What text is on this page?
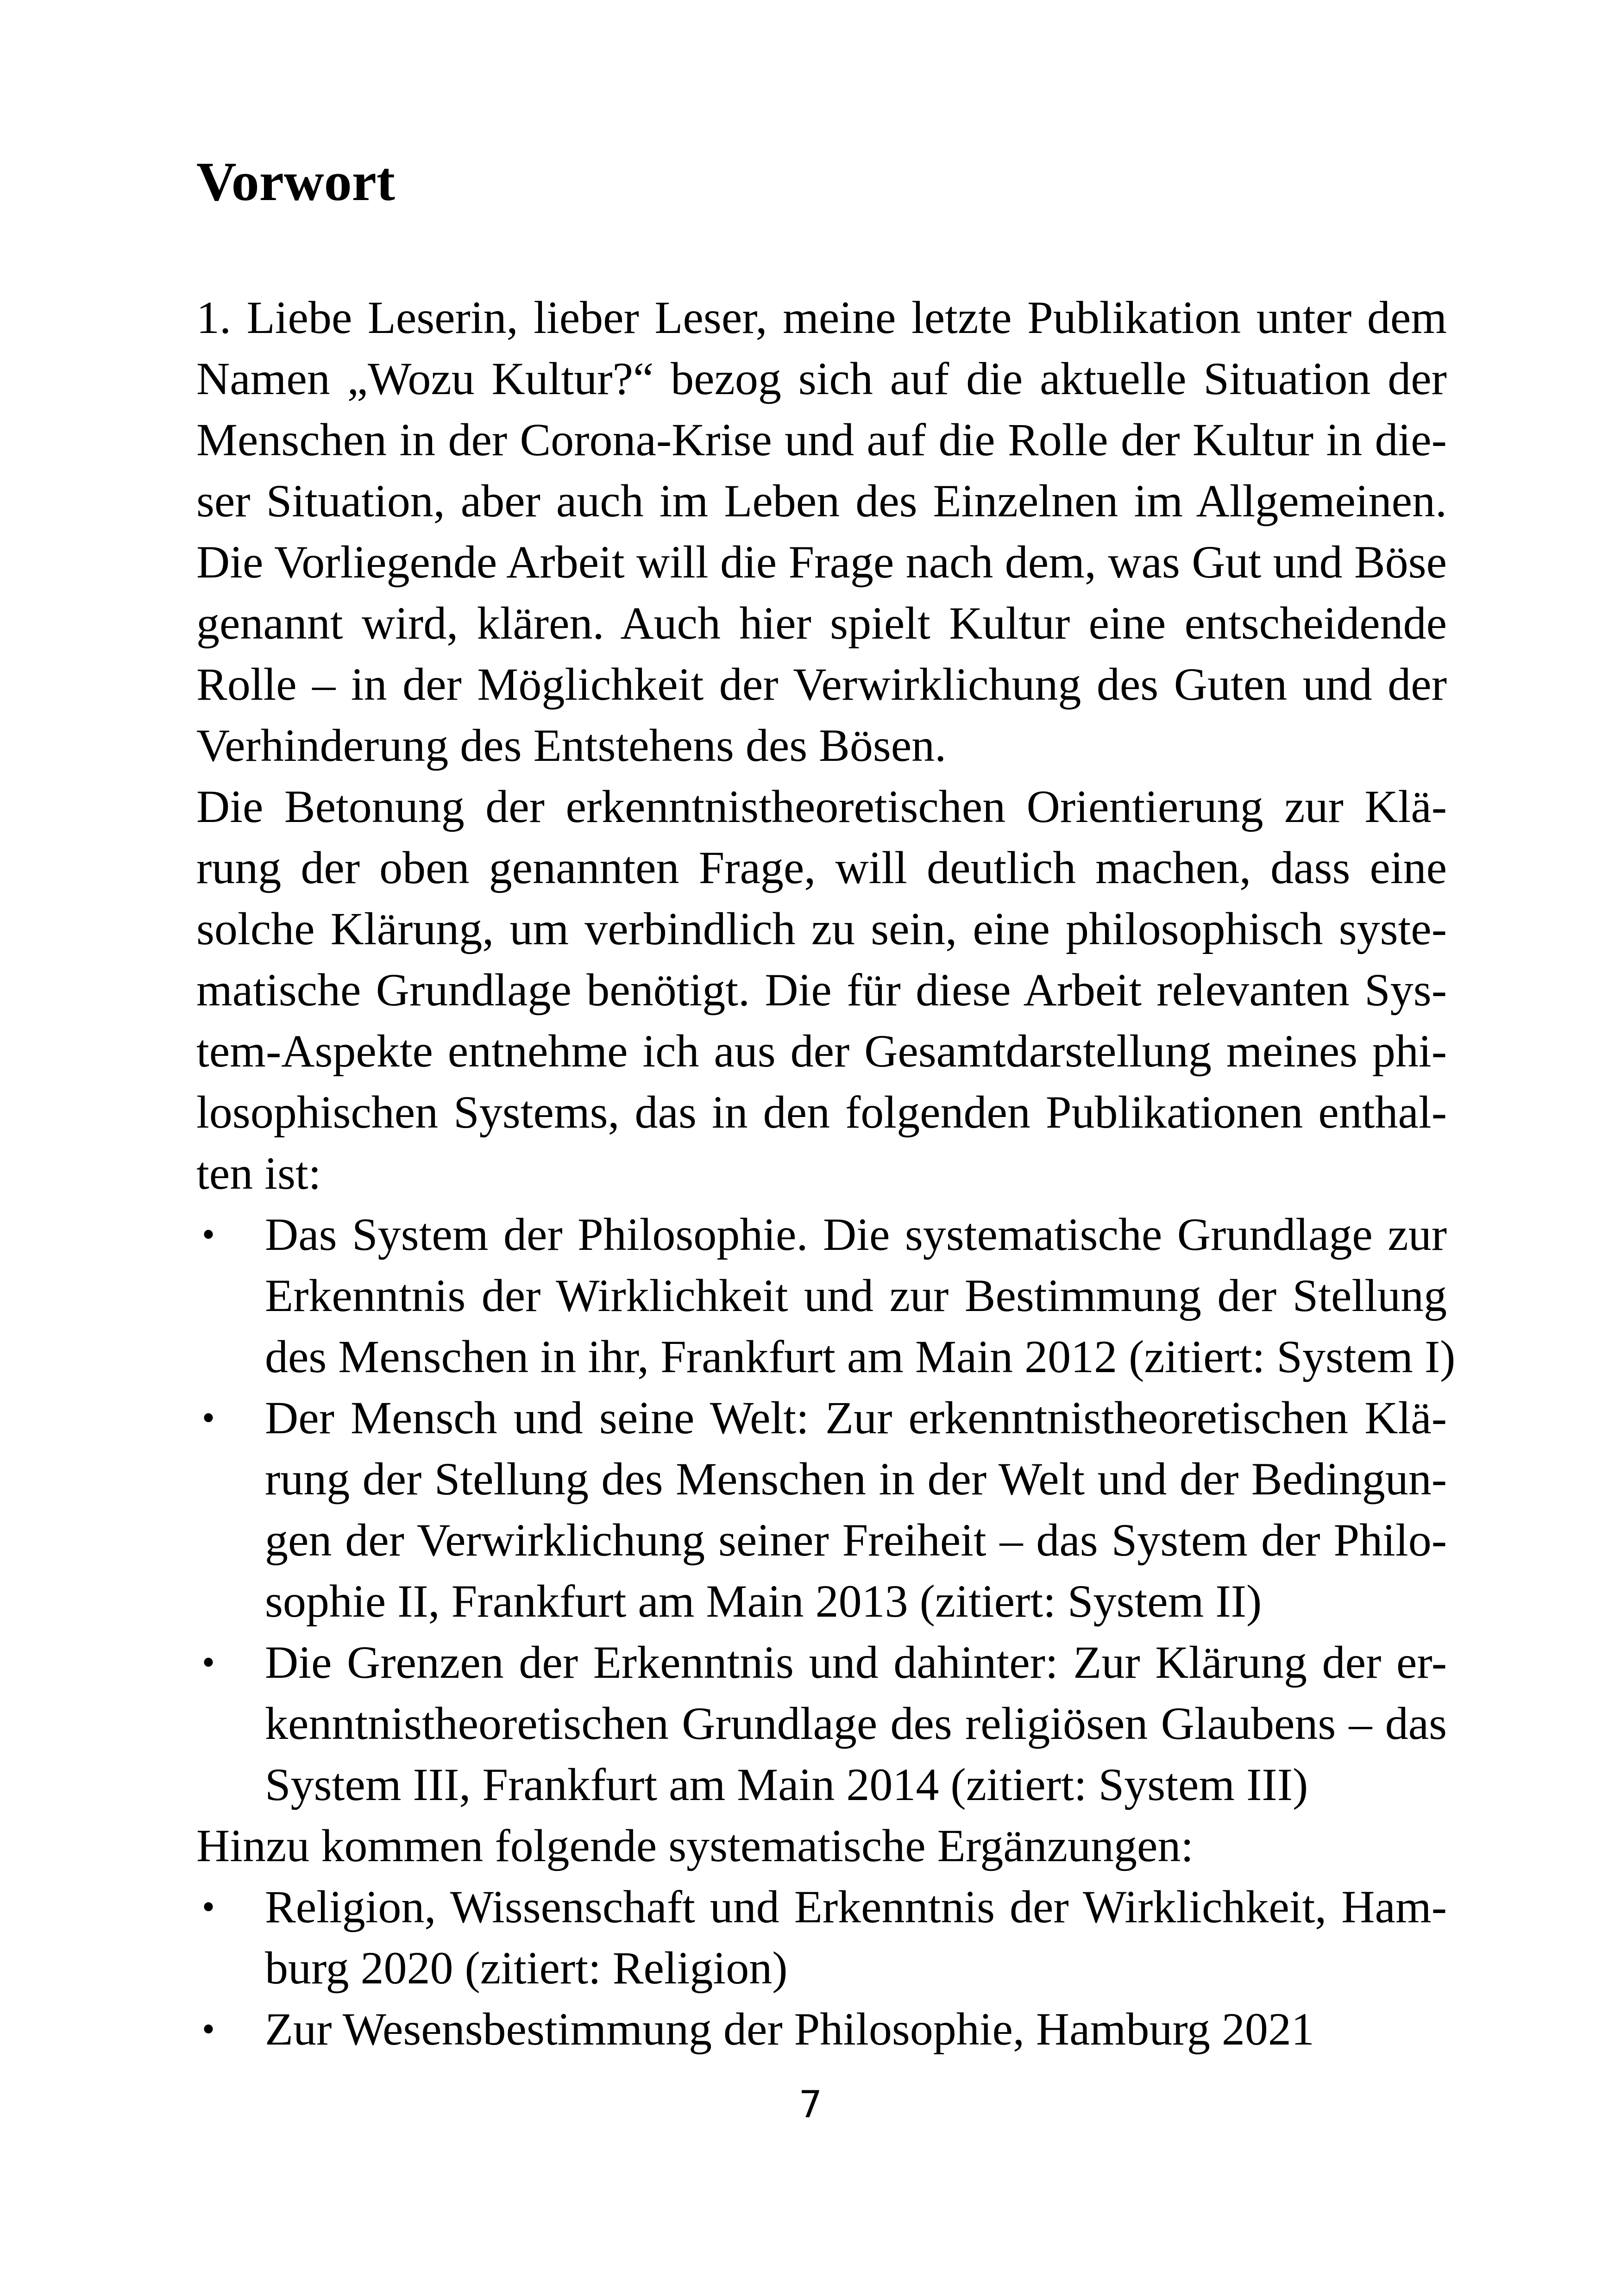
Vorwort
1. Liebe Leserin, lieber Leser, meine letzte Publikation unter dem
Namen „Wozu Kultur?“ bezog sich auf die aktuelle Situation der
Menschen in der Corona-Krise und auf die Rolle der Kultur in die-
ser Situation, aber auch im Leben des Einzelnen im Allgemeinen.
Die Vorliegende Arbeit will die Frage nach dem, was Gut und Böse
genannt wird, klären. Auch hier spielt Kultur eine entscheidende
Rolle – in der Möglichkeit der Verwirklichung des Guten und der
Verhinderung des Entstehens des Bösen.
Die Betonung der erkenntnistheoretischen Orientierung zur Klä-
rung der oben genannten Frage, will deutlich machen, dass eine
solche Klärung, um verbindlich zu sein, eine philosophisch syste-
matische Grundlage benötigt. Die für diese Arbeit relevanten Sys-
tem-Aspekte entnehme ich aus der Gesamtdarstellung meines phi-
losophischen Systems, das in den folgenden Publikationen enthal-
ten ist:
• Das System der Philosophie. Die systematische Grundlage zur
Erkenntnis der Wirklichkeit und zur Bestimmung der Stellung
des Menschen in ihr, Frankfurt am Main 2012 (zitiert: System I)
• Der Mensch und seine Welt: Zur erkenntnistheoretischen Klä-
rung der Stellung des Menschen in der Welt und der Bedingun-
gen der Verwirklichung seiner Freiheit – das System der Philo-
sophie II, Frankfurt am Main 2013 (zitiert: System II)
• Die Grenzen der Erkenntnis und dahinter: Zur Klärung der er-
kenntnistheoretischen Grundlage des religiösen Glaubens – das
System III, Frankfurt am Main 2014 (zitiert: System III)
Hinzu kommen folgende systematische Ergänzungen:
• Religion, Wissenschaft und Erkenntnis der Wirklichkeit, Ham-
burg 2020 (zitiert: Religion)
• Zur Wesensbestimmung der Philosophie, Hamburg 2021
7
